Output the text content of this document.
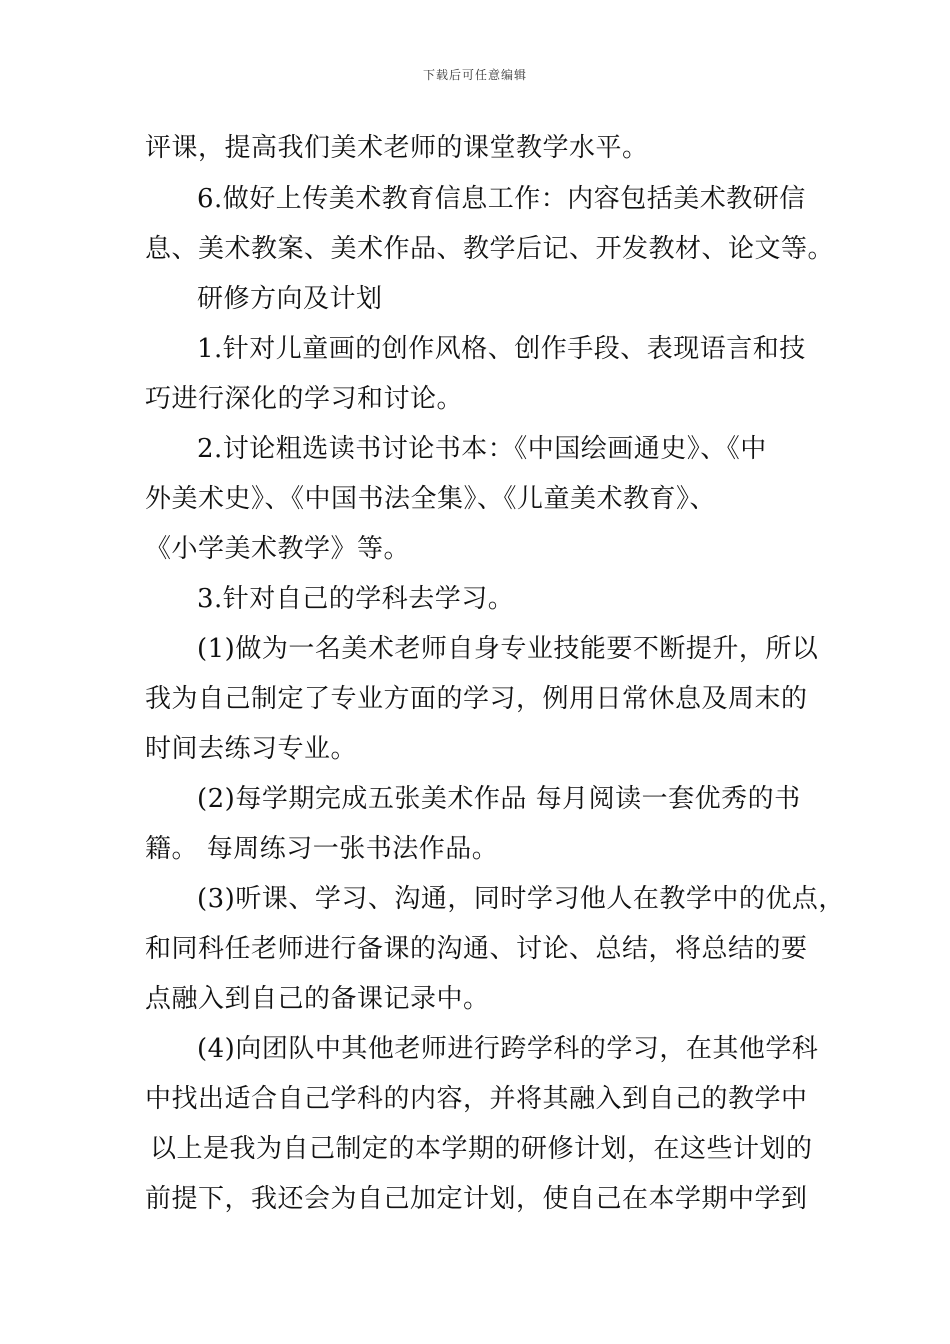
下载后可任意编辑
评课，提高我们美术老师的课堂教学水平。
6.做好上传美术教育信息工作：内容包括美术教研信
息、美术教案、美术作品、教学后记、开发教材、论文等。
研修方向及计划
1.针对儿童画的创作风格、创作手段、表现语言和技
巧进行深化的学习和讨论。
2.讨论粗选读书讨论书本：《中国绘画通史》、《中
外美术史》、《中国书法全集》、《儿童美术教育》、
《小学美术教学》等。
3.针对自己的学科去学习。
(1)做为一名美术老师自身专业技能要不断提升，所以
我为自己制定了专业方面的学习，例用日常休息及周末的
时间去练习专业。
(2)每学期完成五张美术作品 每月阅读一套优秀的书
籍。 每周练习一张书法作品。
(3)听课、学习、沟通，同时学习他人在教学中的优点，
和同科任老师进行备课的沟通、讨论、总结，将总结的要
点融入到自己的备课记录中。
(4)向团队中其他老师进行跨学科的学习，在其他学科
中找出适合自己学科的内容，并将其融入到自己的教学中
以上是我为自己制定的本学期的研修计划，在这些计划的
前提下，我还会为自己加定计划，使自己在本学期中学到
